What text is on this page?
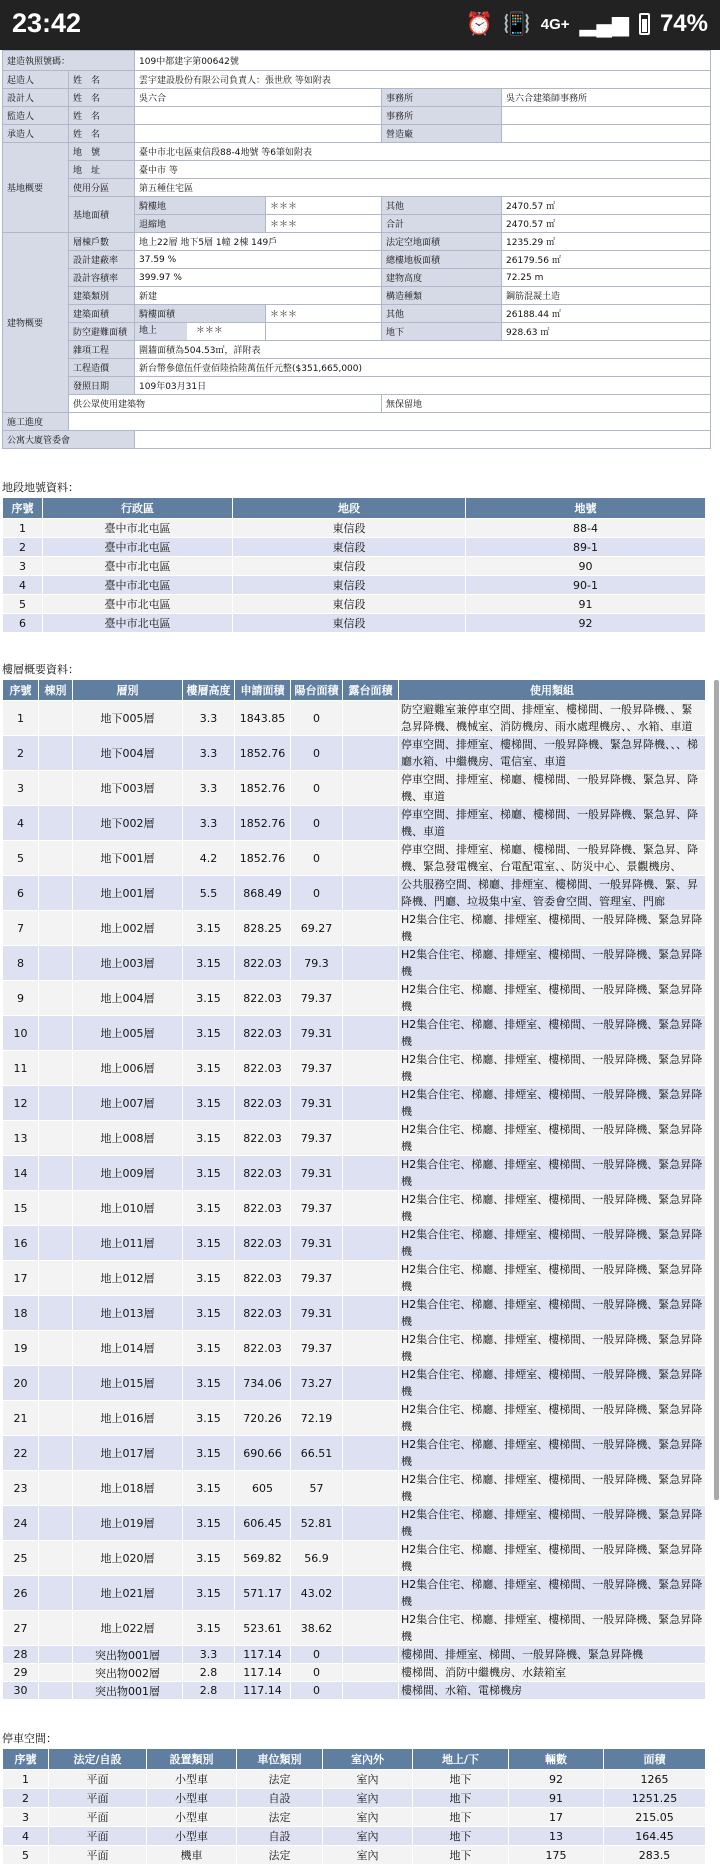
23:42	⏰ 📳 4G+ ▂▄▆ 74%
建造執照號碼：		109中都建字第00642號			
起造人	姓　名	雲宇建設股份有限公司負責人：張世欣 等如附表			
設計人	姓　名	吳六合		事務所	吳六合建築師事務所
監造人	姓　名			事務所	
承造人	姓　名			營造廠	
基地概要	地　號	臺中市北屯區東信段88-4地號 等6筆如附表			
	地　址	臺中市 等			
	使用分區	第五種住宅區			
	基地面積	騎樓地	＊＊＊	其他	2470.57 ㎡
		退縮地	＊＊＊	合計	2470.57 ㎡
建物概要	層棟戶數	地上22層 地下5層 1幢 2棟 149戶		法定空地面積	1235.29 ㎡
	設計建蔽率	37.59 %		總樓地板面積	26179.56 ㎡
	設計容積率	399.97 %		建物高度	72.25 m
	建築類別	新建		構造種類	鋼筋混凝土造
	建築面積	騎樓面積	＊＊＊	其他	26188.44 ㎡
	防空避難面積	地上 ＊＊＊		地下	928.63 ㎡
	雜項工程	圍牆面積為504.53㎡，詳附表			
	工程造價	新台幣參億伍仟壹佰陸拾陸萬伍仟元整($351,665,000)			
	發照日期	109年03月31日			
	供公眾使用建築物			無保留地	
施工進度					
公寓大廈管委會					
地段地號資料：
序號	行政區	地段	地號
1	臺中市北屯區	東信段	88-4
2	臺中市北屯區	東信段	89-1
3	臺中市北屯區	東信段	90
4	臺中市北屯區	東信段	90-1
5	臺中市北屯區	東信段	91
6	臺中市北屯區	東信段	92
樓層概要資料：
序號	棟別	層別	樓層高度	申請面積	陽台面積	露台面積	使用類組
1		地下005層	3.3	1843.85	0		防空避難室兼停車空間、排煙室、樓梯間、一般昇降機、、緊急昇降機、機械室、消防機房、雨水處理機房、、水箱、車道
2		地下004層	3.3	1852.76	0		停車空間、排煙室、樓梯間、一般昇降機、緊急昇降機、、、梯廳水箱、中繼機房、電信室、車道
3		地下003層	3.3	1852.76	0		停車空間、排煙室、梯廳、樓梯間、一般昇降機、緊急昇、降機、車道
4		地下002層	3.3	1852.76	0		停車空間、排煙室、梯廳、樓梯間、一般昇降機、緊急昇、降機、車道
5		地下001層	4.2	1852.76	0		停車空間、排煙室、梯廳、樓梯間、一般昇降機、緊急昇、降機、緊急發電機室、台電配電室、、防災中心、景觀機房、
6		地上001層	5.5	868.49	0		公共服務空間、梯廳、排煙室、樓梯間、一般昇降機、緊、昇降機、門廳、垃圾集中室、管委會空間、管理室、門廊
7		地上002層	3.15	828.25	69.27		H2集合住宅、梯廳、排煙室、樓梯間、一般昇降機、緊急昇降機
8		地上003層	3.15	822.03	79.3		H2集合住宅、梯廳、排煙室、樓梯間、一般昇降機、緊急昇降機
9		地上004層	3.15	822.03	79.37		H2集合住宅、梯廳、排煙室、樓梯間、一般昇降機、緊急昇降機
10		地上005層	3.15	822.03	79.31		H2集合住宅、梯廳、排煙室、樓梯間、一般昇降機、緊急昇降機
11		地上006層	3.15	822.03	79.37		H2集合住宅、梯廳、排煙室、樓梯間、一般昇降機、緊急昇降機
12		地上007層	3.15	822.03	79.31		H2集合住宅、梯廳、排煙室、樓梯間、一般昇降機、緊急昇降機
13		地上008層	3.15	822.03	79.37		H2集合住宅、梯廳、排煙室、樓梯間、一般昇降機、緊急昇降機
14		地上009層	3.15	822.03	79.31		H2集合住宅、梯廳、排煙室、樓梯間、一般昇降機、緊急昇降機
15		地上010層	3.15	822.03	79.37		H2集合住宅、梯廳、排煙室、樓梯間、一般昇降機、緊急昇降機
16		地上011層	3.15	822.03	79.31		H2集合住宅、梯廳、排煙室、樓梯間、一般昇降機、緊急昇降機
17		地上012層	3.15	822.03	79.37		H2集合住宅、梯廳、排煙室、樓梯間、一般昇降機、緊急昇降機
18		地上013層	3.15	822.03	79.31		H2集合住宅、梯廳、排煙室、樓梯間、一般昇降機、緊急昇降機
19		地上014層	3.15	822.03	79.37		H2集合住宅、梯廳、排煙室、樓梯間、一般昇降機、緊急昇降機
20		地上015層	3.15	734.06	73.27		H2集合住宅、梯廳、排煙室、樓梯間、一般昇降機、緊急昇降機
21		地上016層	3.15	720.26	72.19		H2集合住宅、梯廳、排煙室、樓梯間、一般昇降機、緊急昇降機
22		地上017層	3.15	690.66	66.51		H2集合住宅、梯廳、排煙室、樓梯間、一般昇降機、緊急昇降機
23		地上018層	3.15	605	57		H2集合住宅、梯廳、排煙室、樓梯間、一般昇降機、緊急昇降機
24		地上019層	3.15	606.45	52.81		H2集合住宅、梯廳、排煙室、樓梯間、一般昇降機、緊急昇降機
25		地上020層	3.15	569.82	56.9		H2集合住宅、梯廳、排煙室、樓梯間、一般昇降機、緊急昇降機
26		地上021層	3.15	571.17	43.02		H2集合住宅、梯廳、排煙室、樓梯間、一般昇降機、緊急昇降機
27		地上022層	3.15	523.61	38.62		H2集合住宅、梯廳、排煙室、樓梯間、一般昇降機、緊急昇降機
28		突出物001層	3.3	117.14	0		樓梯間、排煙室、梯間、一般昇降機、緊急昇降機
29		突出物002層	2.8	117.14	0		樓梯間、消防中繼機房、水錶箱室
30		突出物001層	2.8	117.14	0		樓梯間、水箱、電梯機房
停車空間：
序號	法定/自設	設置類別	車位類別	室內外	地上/下	輛數	面積
1	平面	小型車	法定	室內	地下	92	1265
2	平面	小型車	自設	室內	地下	91	1251.25
3	平面	小型車	法定	室內	地下	17	215.05
4	平面	小型車	自設	室內	地下	13	164.45
5	平面	機車	法定	室內	地下	175	283.5
